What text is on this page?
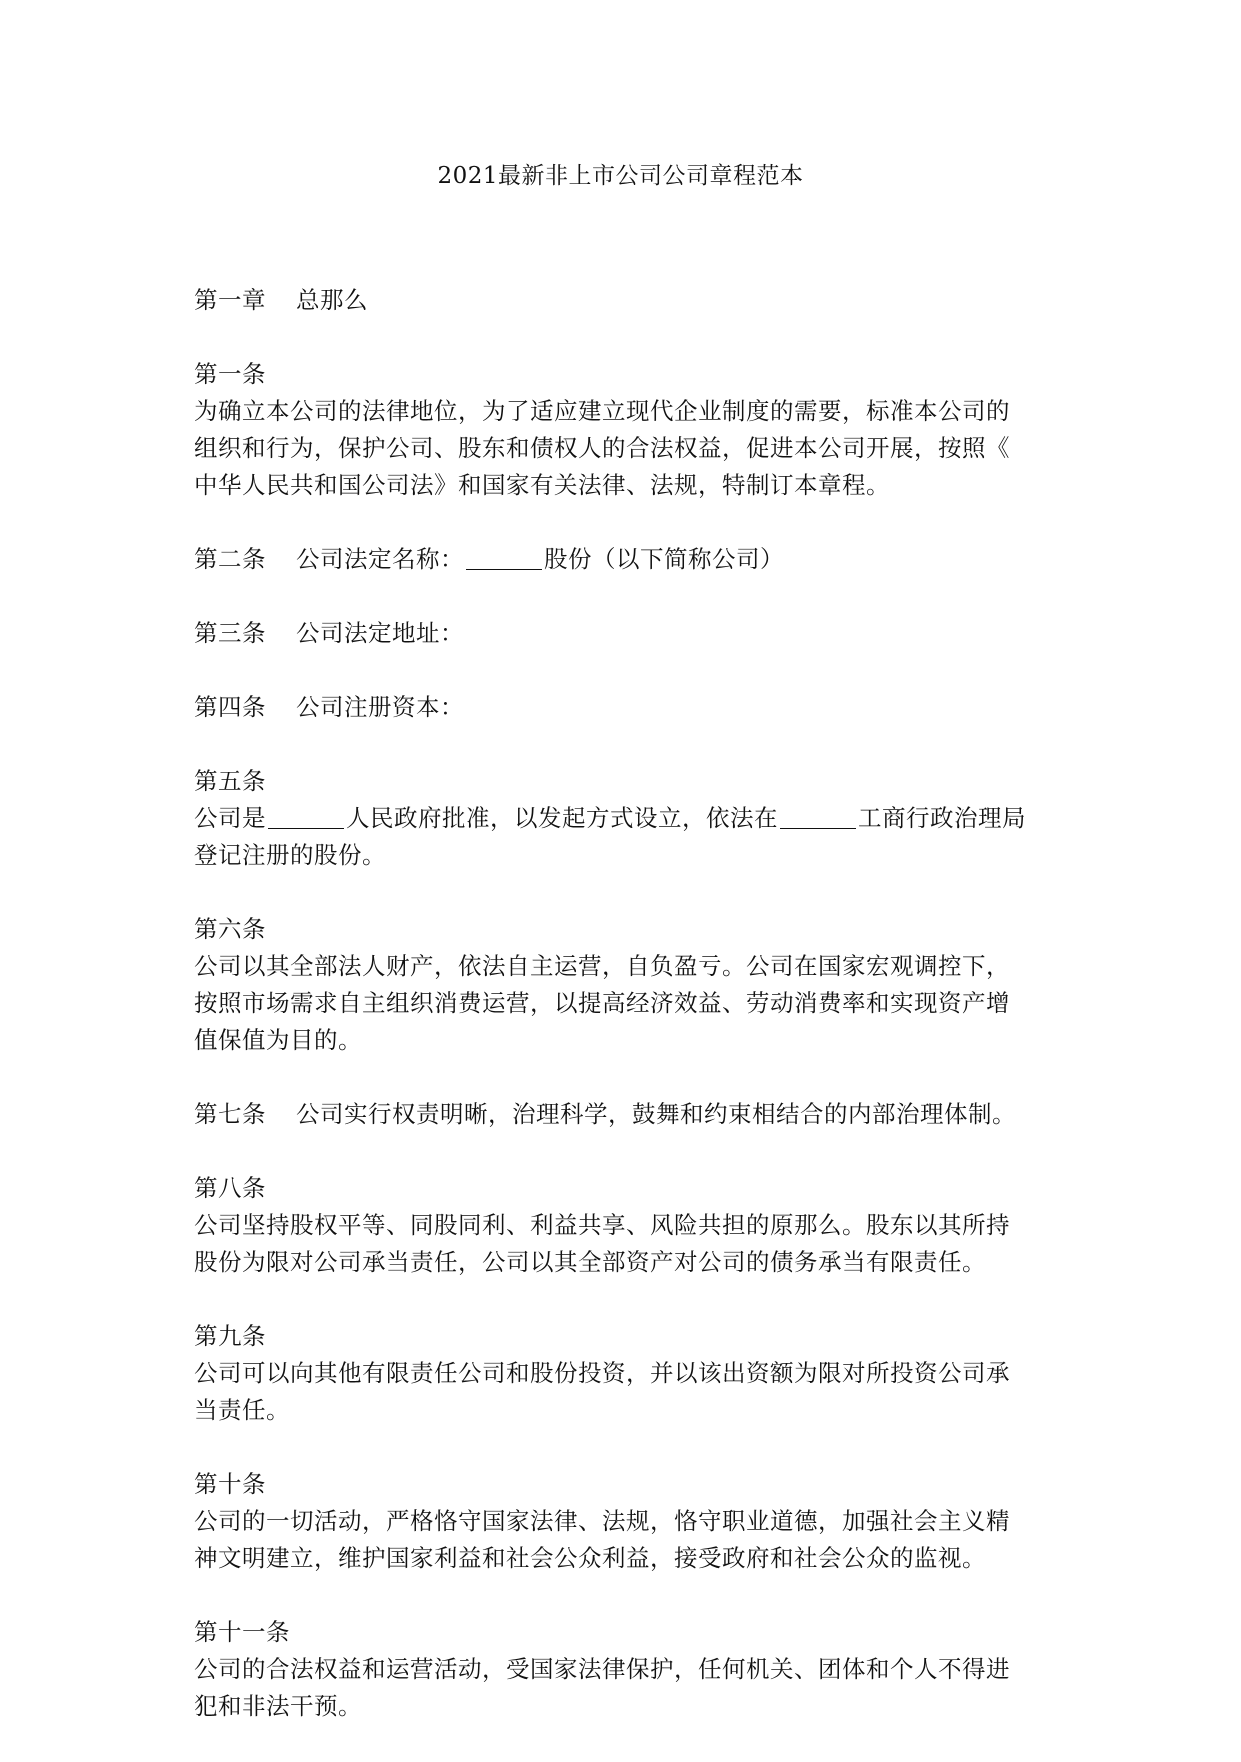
2021最新非上市公司公司章程范本
第一章 总那么
第一条
为确立本公司的法律地位，为了适应建立现代企业制度的需要，标准本公司的
组织和行为，保护公司、股东和债权人的合法权益，促进本公司开展，按照《
中华人民共和国公司法》和国家有关法律、法规，特制订本章程。
第二条 公司法定名称：	股份（以下简称公司）
第三条 公司法定地址：
第四条 公司注册资本：
第五条
公司是	人民政府批准，以发起方式设立，依法在	工商行政治理局
登记注册的股份。
第六条
公司以其全部法人财产，依法自主运营，自负盈亏。公司在国家宏观调控下，
按照市场需求自主组织消费运营，以提高经济效益、劳动消费率和实现资产增
值保值为目的。
第七条 公司实行权责明晰，治理科学，鼓舞和约束相结合的内部治理体制。
第八条
公司坚持股权平等、同股同利、利益共享、风险共担的原那么。股东以其所持
股份为限对公司承当责任，公司以其全部资产对公司的债务承当有限责任。
第九条
公司可以向其他有限责任公司和股份投资，并以该出资额为限对所投资公司承
当责任。
第十条
公司的一切活动，严格恪守国家法律、法规，恪守职业道德，加强社会主义精
神文明建立，维护国家利益和社会公众利益，接受政府和社会公众的监视。
第十一条
公司的合法权益和运营活动，受国家法律保护，任何机关、团体和个人不得进
犯和非法干预。
